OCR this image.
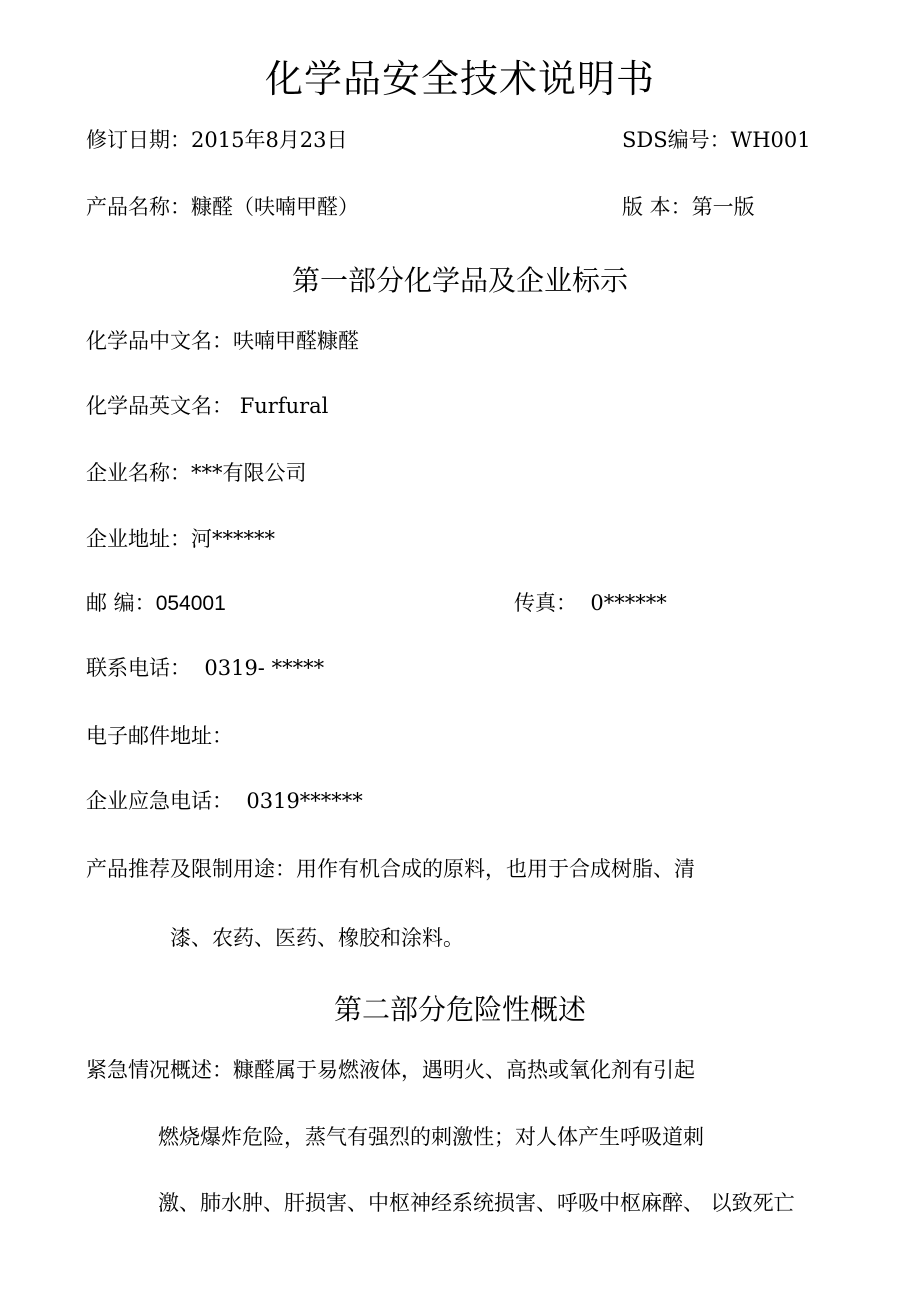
化学品安全技术说明书
修订日期：2015年8月23日	SDS编号：WH001
产品名称：糠醛（呋喃甲醛）	版 本：第一版
第一部分化学品及企业标示
化学品中文名：呋喃甲醛糠醛
化学品英文名： Furfural
企业名称：***有限公司
企业地址：河******
邮 编：054001	传真： 0******
联系电话： 0319- *****
电子邮件地址：
企业应急电话： 0319******
产品推荐及限制用途：用作有机合成的原料，也用于合成树脂、清
漆、农药、医药、橡胶和涂料。
第二部分危险性概述
紧急情况概述：糠醛属于易燃液体，遇明火、高热或氧化剂有引起
燃烧爆炸危险，蒸气有强烈的刺激性；对人体产生呼吸道刺
激、肺水肿、肝损害、中枢神经系统损害、呼吸中枢麻醉、 以致死亡
